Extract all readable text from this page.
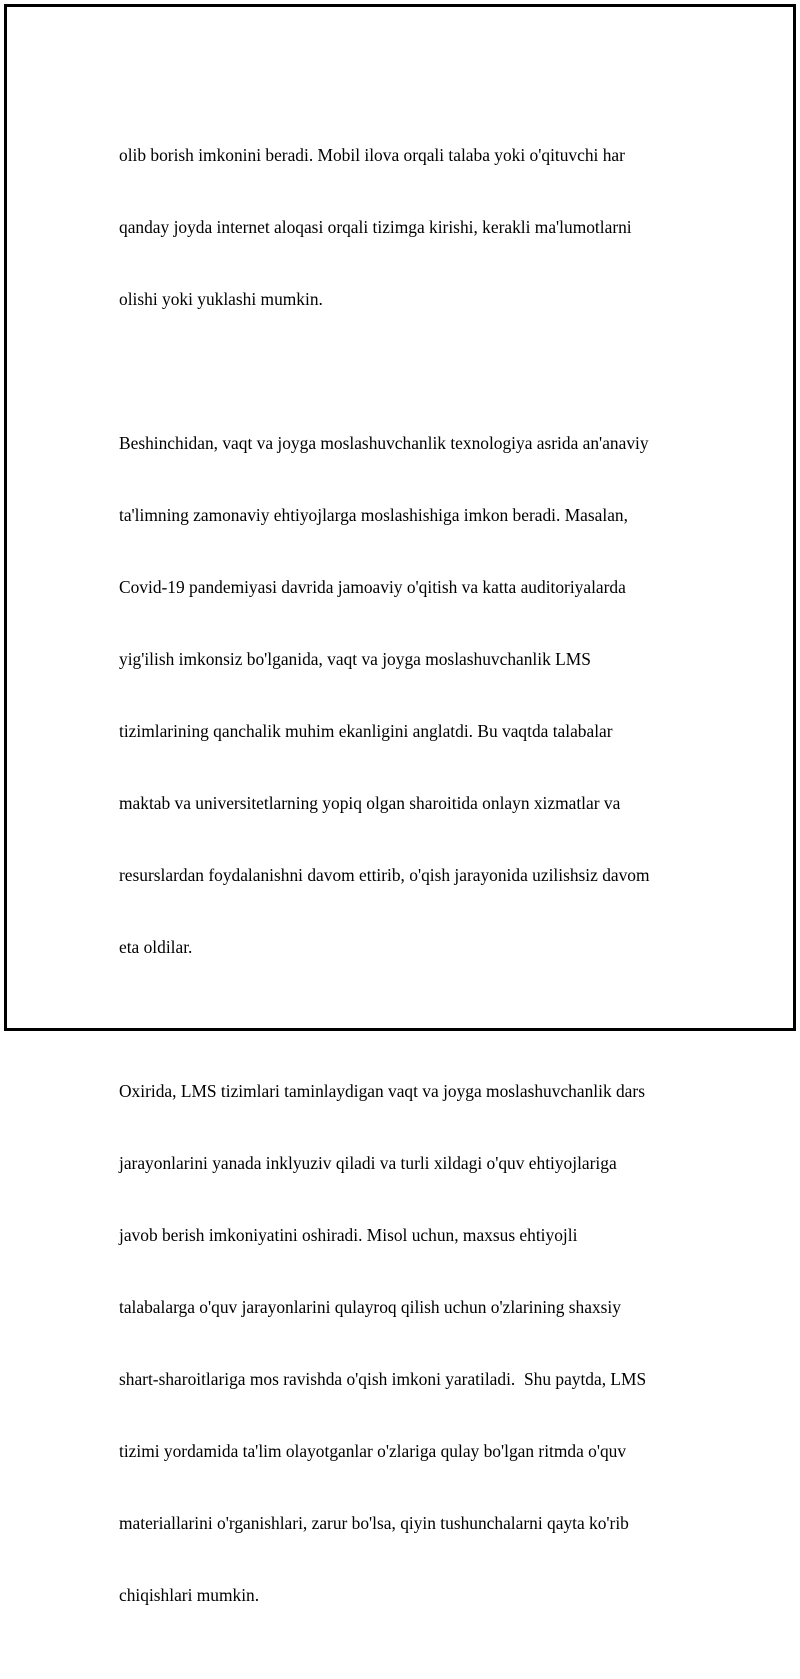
olib borish imkonini beradi. Mobil ilova orqali talaba yoki o'qituvchi har

qanday joyda internet aloqasi orqali tizimga kirishi, kerakli ma'lumotlarni

olishi yoki yuklashi mumkin.

Beshinchidan, vaqt va joyga moslashuvchanlik texnologiya asrida an'anaviy

ta'limning zamonaviy ehtiyojlarga moslashishiga imkon beradi. Masalan,

Covid-19 pandemiyasi davrida jamoaviy o'qitish va katta auditoriyalarda

yig'ilish imkonsiz bo'lganida, vaqt va joyga moslashuvchanlik LMS

tizimlarining qanchalik muhim ekanligini anglatdi. Bu vaqtda talabalar

maktab va universitetlarning yopiq olgan sharoitida onlayn xizmatlar va

resurslardan foydalanishni davom ettirib, o'qish jarayonida uzilishsiz davom

eta oldilar.

Oxirida, LMS tizimlari taminlaydigan vaqt va joyga moslashuvchanlik dars

jarayonlarini yanada inklyuziv qiladi va turli xildagi o'quv ehtiyojlariga

javob berish imkoniyatini oshiradi. Misol uchun, maxsus ehtiyojli

talabalarga o'quv jarayonlarini qulayroq qilish uchun o'zlarining shaxsiy

shart-sharoitlariga mos ravishda o'qish imkoni yaratiladi.  Shu paytda, LMS

tizimi yordamida ta'lim olayotganlar o'zlariga qulay bo'lgan ritmda o'quv

materiallarini o'rganishlari, zarur bo'lsa, qiyin tushunchalarni qayta ko'rib

chiqishlari mumkin.
